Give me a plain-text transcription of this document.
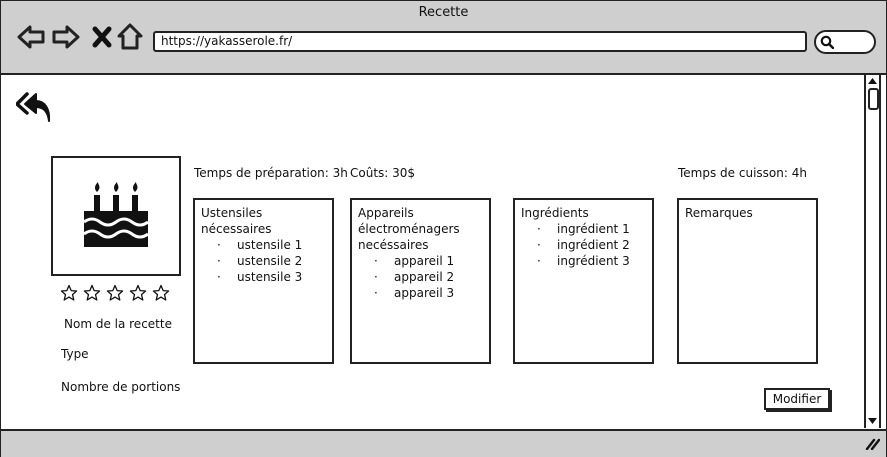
Recette
https://yakasserole.fr/
Nom de la recette
Type
Nombre de portions
Temps de préparation: 3h Coûts: 30$	Temps de cuisson: 4h
Ustensiles nécessaires
· ustensile 1
· ustensile 2
· ustensile 3
Appareils électroménagers necéssaires
· appareil 1
· appareil 2
· appareil 3
Ingrédients
· ingrédient 1
· ingrédient 2
· ingrédient 3
Remarques
Modifier
